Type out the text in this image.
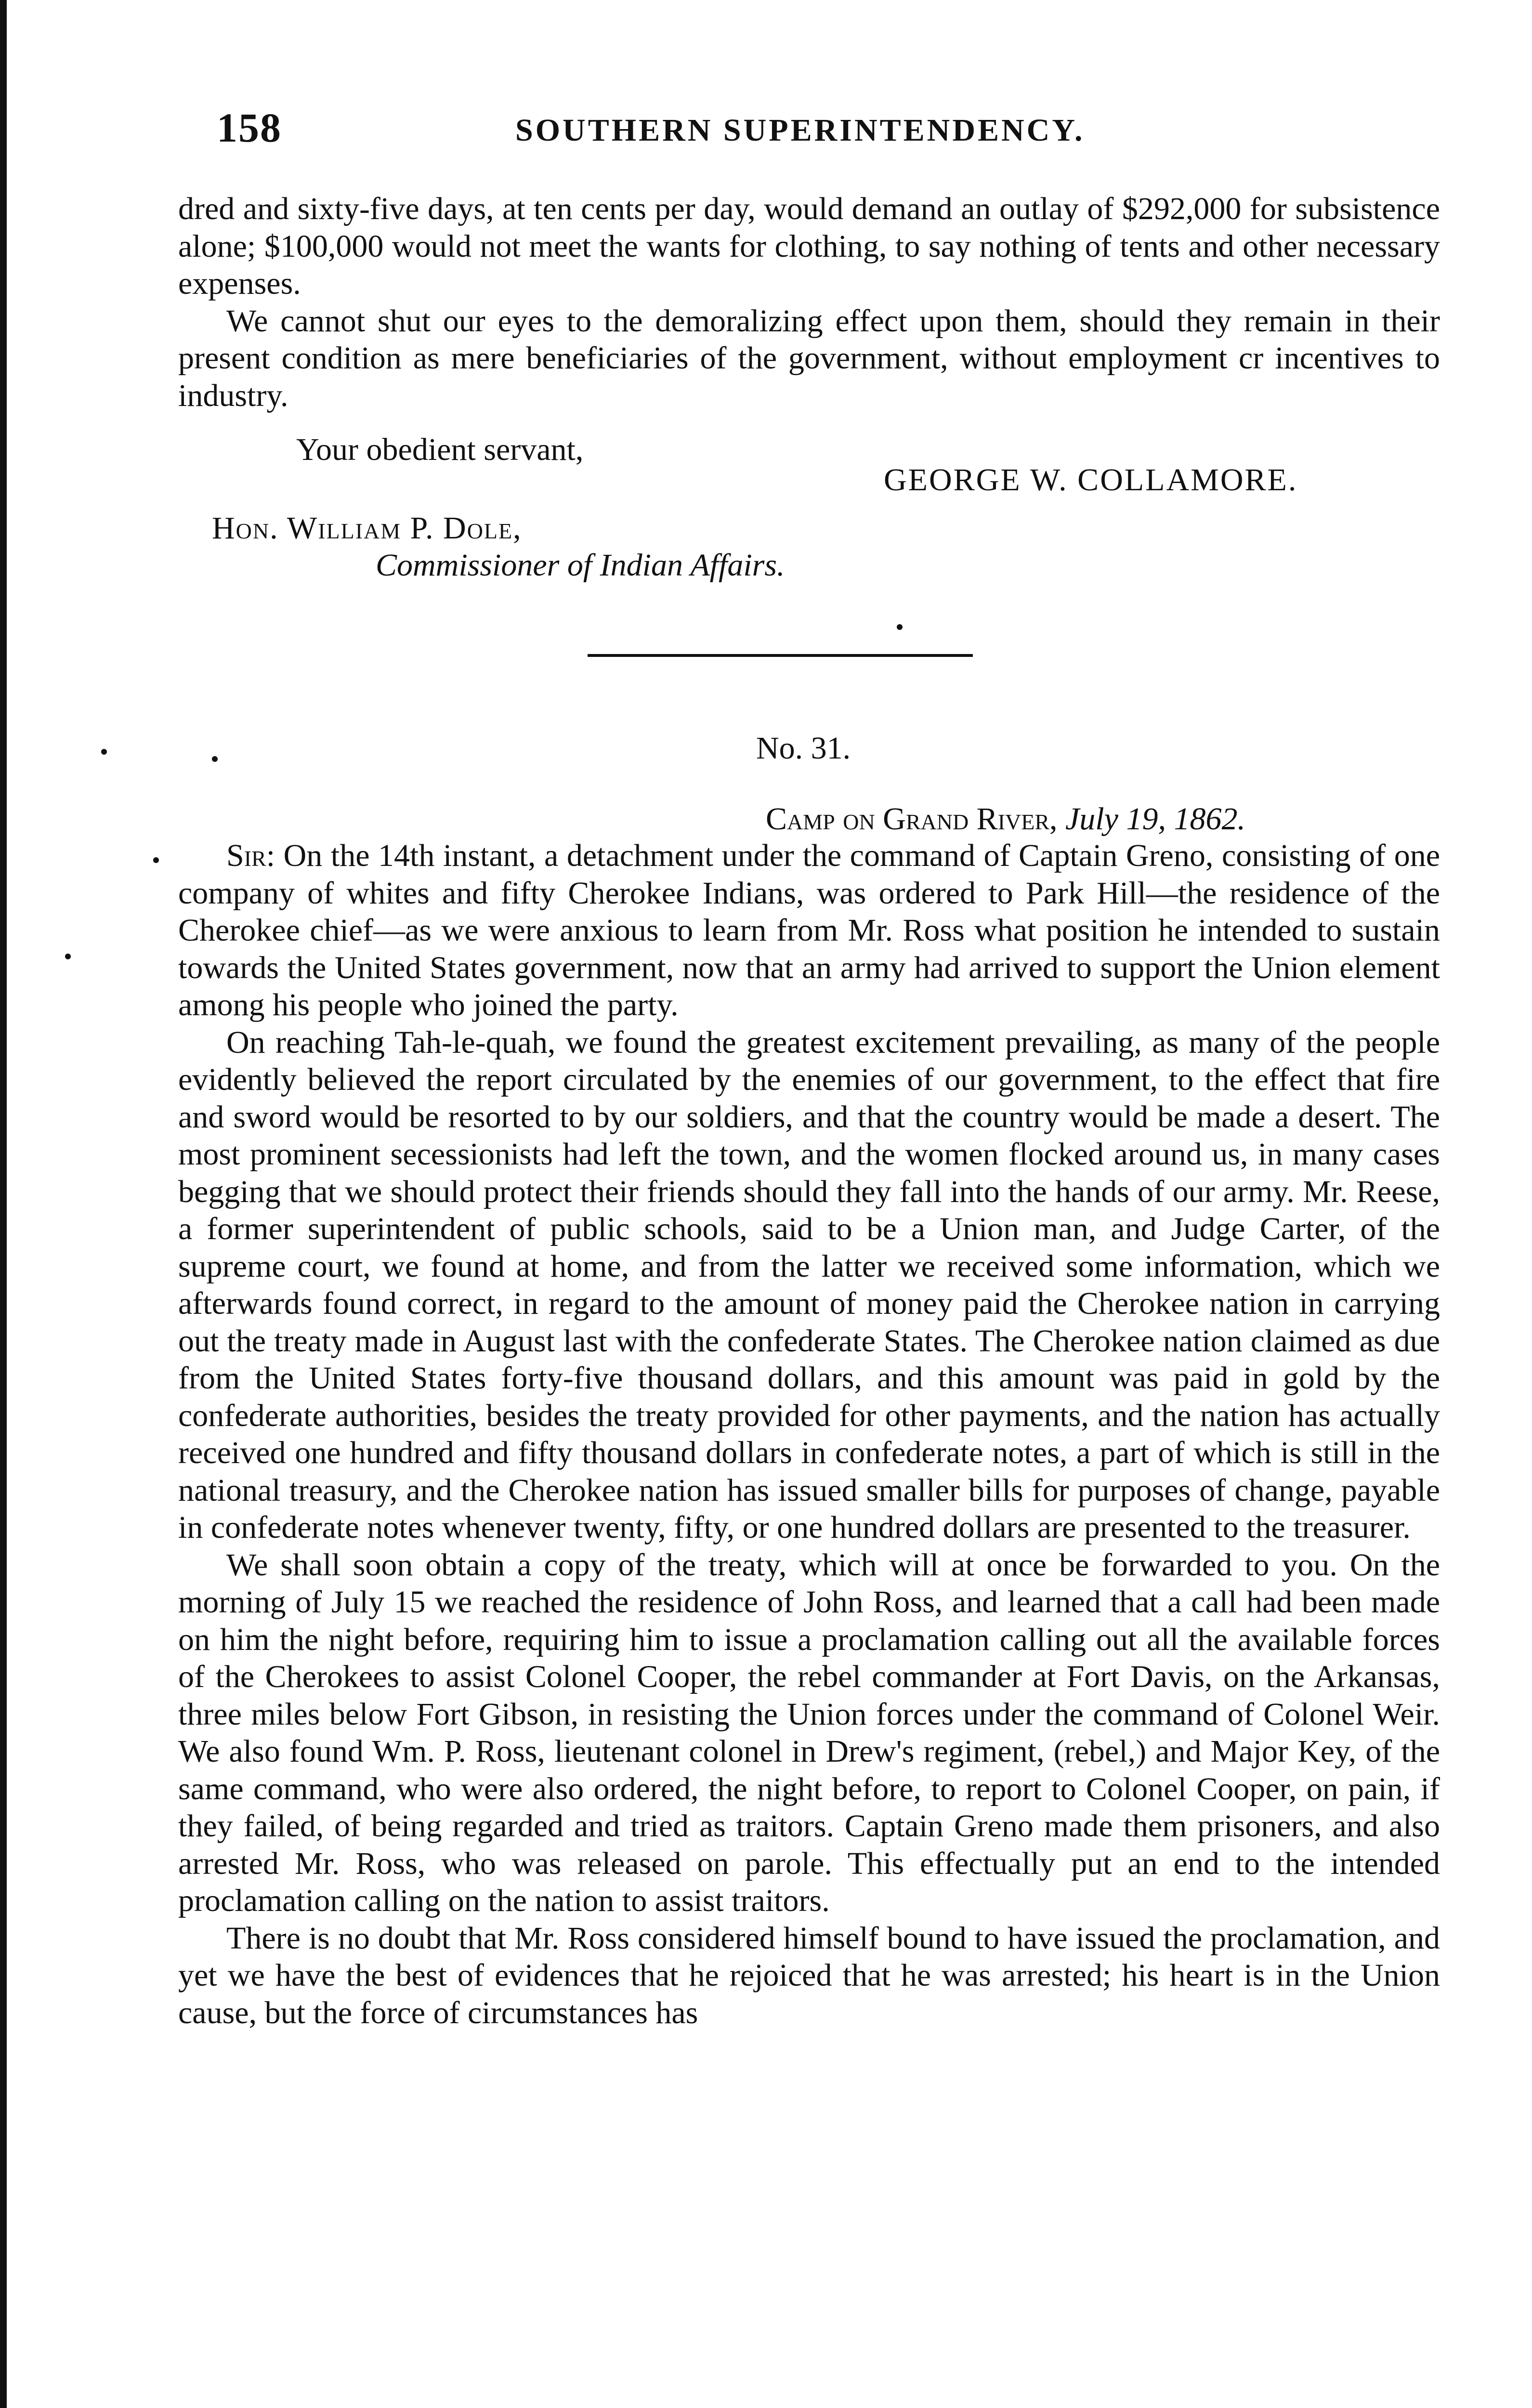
158	SOUTHERN SUPERINTENDENCY.

dred and sixty-five days, at ten cents per day, would demand an outlay of $292,000 for subsistence alone; $100,000 would not meet the wants for clothing, to say nothing of tents and other necessary expenses.

We cannot shut our eyes to the demoralizing effect upon them, should they remain in their present condition as mere beneficiaries of the government, without employment cr incentives to industry.

Your obedient servant,
GEORGE W. COLLAMORE.
Hon. William P. Dole,
Commissioner of Indian Affairs.
No. 31.
Camp on Grand River, July 19, 1862.

Sir: On the 14th instant, a detachment under the command of Captain Greno, consisting of one company of whites and fifty Cherokee Indians, was ordered to Park Hill—the residence of the Cherokee chief—as we were anxious to learn from Mr. Ross what position he intended to sustain towards the United States government, now that an army had arrived to support the Union element among his people who joined the party.

On reaching Tah-le-quah, we found the greatest excitement prevailing, as many of the people evidently believed the report circulated by the enemies of our government, to the effect that fire and sword would be resorted to by our soldiers, and that the country would be made a desert. The most prominent secessionists had left the town, and the women flocked around us, in many cases begging that we should protect their friends should they fall into the hands of our army. Mr. Reese, a former superintendent of public schools, said to be a Union man, and Judge Carter, of the supreme court, we found at home, and from the latter we received some information, which we afterwards found correct, in regard to the amount of money paid the Cherokee nation in carrying out the treaty made in August last with the confederate States. The Cherokee nation claimed as due from the United States forty-five thousand dollars, and this amount was paid in gold by the confederate authorities, besides the treaty provided for other payments, and the nation has actually received one hundred and fifty thousand dollars in confederate notes, a part of which is still in the national treasury, and the Cherokee nation has issued smaller bills for purposes of change, payable in confederate notes whenever twenty, fifty, or one hundred dollars are presented to the treasurer.

We shall soon obtain a copy of the treaty, which will at once be forwarded to you. On the morning of July 15 we reached the residence of John Ross, and learned that a call had been made on him the night before, requiring him to issue a proclamation calling out all the available forces of the Cherokees to assist Colonel Cooper, the rebel commander at Fort Davis, on the Arkansas, three miles below Fort Gibson, in resisting the Union forces under the command of Colonel Weir. We also found Wm. P. Ross, lieutenant colonel in Drew's regiment, (rebel,) and Major Key, of the same command, who were also ordered, the night before, to report to Colonel Cooper, on pain, if they failed, of being regarded and tried as traitors. Captain Greno made them prisoners, and also arrested Mr. Ross, who was released on parole. This effectually put an end to the intended proclamation calling on the nation to assist traitors.

There is no doubt that Mr. Ross considered himself bound to have issued the proclamation, and yet we have the best of evidences that he rejoiced that he was arrested; his heart is in the Union cause, but the force of circumstances has
